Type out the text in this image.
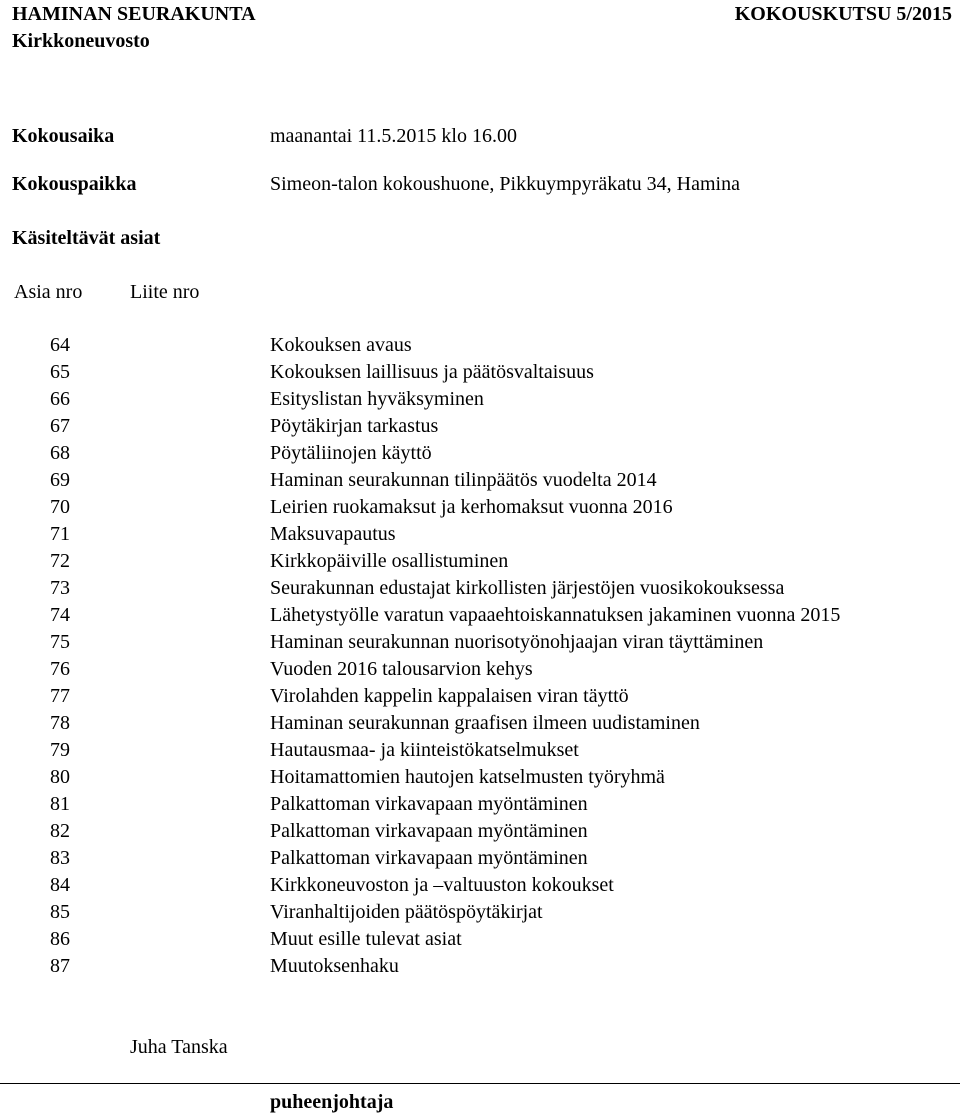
HAMINAN SEURAKUNTA	KOKOUSKUTSU 5/2015
Kirkkoneuvosto
Kokousaika	maanantai 11.5.2015 klo 16.00
Kokouspaikka	Simeon-talon kokoushuone, Pikkuympyräkatu 34, Hamina
Käsiteltävät asiat
Asia nro Liite nro
64	Kokouksen avaus
65	Kokouksen laillisuus ja päätösvaltaisuus
66	Esityslistan hyväksyminen
67	Pöytäkirjan tarkastus
68	Pöytäliinojen käyttö
69	Haminan seurakunnan tilinpäätös vuodelta 2014
70	Leirien ruokamaksut ja kerhomaksut vuonna 2016
71	Maksuvapautus
72	Kirkkopäiville osallistuminen
73	Seurakunnan edustajat kirkollisten järjestöjen vuosikokouksessa
74	Lähetystyölle varatun vapaaehtoiskannatuksen jakaminen vuonna 2015
75	Haminan seurakunnan nuorisotyönohjaajan viran täyttäminen
76	Vuoden 2016 talousarvion kehys
77	Virolahden kappelin kappalaisen viran täyttö
78	Haminan seurakunnan graafisen ilmeen uudistaminen
79	Hautausmaa- ja kiinteistökatselmukset
80	Hoitamattomien hautojen katselmusten työryhmä
81	Palkattoman virkavapaan myöntäminen
82	Palkattoman virkavapaan myöntäminen
83	Palkattoman virkavapaan myöntäminen
84	Kirkkoneuvoston ja –valtuuston kokoukset
85	Viranhaltijoiden päätöspöytäkirjat
86	Muut esille tulevat asiat
87	Muutoksenhaku
Juha Tanska
puheenjohtaja
